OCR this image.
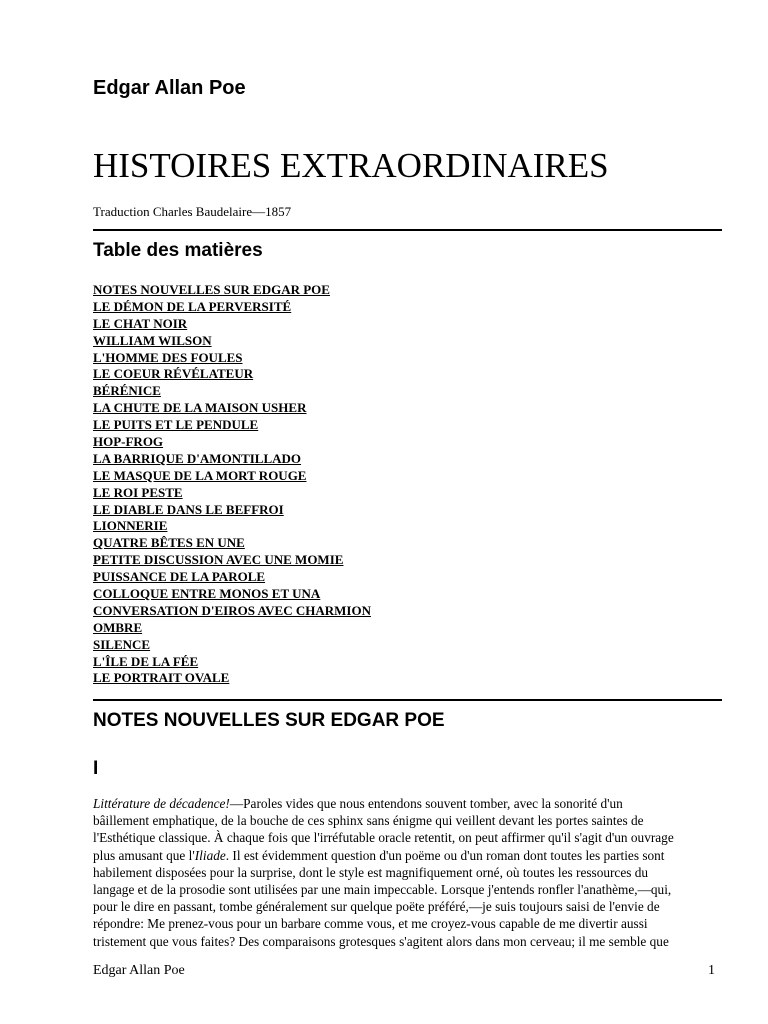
Edgar Allan Poe
HISTOIRES EXTRAORDINAIRES

Traduction Charles Baudelaire—1857

Table des matières
NOTES NOUVELLES SUR EDGAR POE
LE DÉMON DE LA PERVERSITÉ
LE CHAT NOIR
WILLIAM WILSON
L'HOMME DES FOULES
LE COEUR RÉVÉLATEUR
BÉRÉNICE
LA CHUTE DE LA MAISON USHER
LE PUITS ET LE PENDULE
HOP-FROG
LA BARRIQUE D'AMONTILLADO
LE MASQUE DE LA MORT ROUGE
LE ROI PESTE
LE DIABLE DANS LE BEFFROI
LIONNERIE
QUATRE BÊTES EN UNE
PETITE DISCUSSION AVEC UNE MOMIE
PUISSANCE DE LA PAROLE
COLLOQUE ENTRE MONOS ET UNA
CONVERSATION D'EIROS AVEC CHARMION
OMBRE
SILENCE
L'ÎLE DE LA FÉE
LE PORTRAIT OVALE
NOTES NOUVELLES SUR EDGAR POE
I
Littérature de décadence!—Paroles vides que nous entendons souvent tomber, avec la sonorité d'un
bâillement emphatique, de la bouche de ces sphinx sans énigme qui veillent devant les portes saintes de
l'Esthétique classique. À chaque fois que l'irréfutable oracle retentit, on peut affirmer qu'il s'agit d'un ouvrage
plus amusant que l'Iliade. Il est évidemment question d'un poëme ou d'un roman dont toutes les parties sont
habilement disposées pour la surprise, dont le style est magnifiquement orné, où toutes les ressources du
langage et de la prosodie sont utilisées par une main impeccable. Lorsque j'entends ronfler l'anathème,—qui,
pour le dire en passant, tombe généralement sur quelque poëte préféré,—je suis toujours saisi de l'envie de
répondre: Me prenez-vous pour un barbare comme vous, et me croyez-vous capable de me divertir aussi
tristement que vous faites? Des comparaisons grotesques s'agitent alors dans mon cerveau; il me semble que

Edgar Allan Poe	1
